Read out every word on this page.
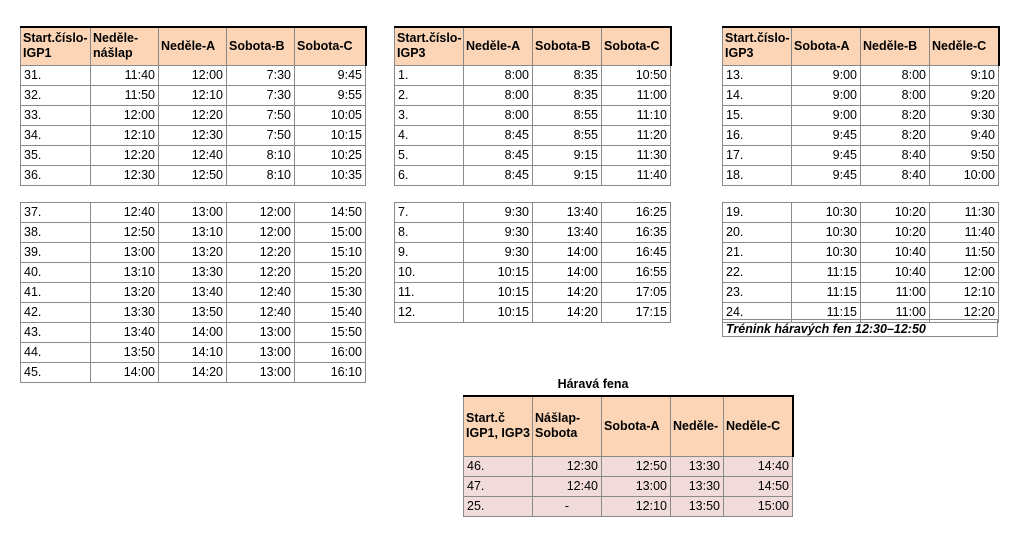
Start.číslo-IGP1	Neděle-nášlap	Neděle-A	Sobota-B	Sobota-C
31.	11:40	12:00	7:30	9:45
32.	11:50	12:10	7:30	9:55
33.	12:00	12:20	7:50	10:05
34.	12:10	12:30	7:50	10:15
35.	12:20	12:40	8:10	10:25
36.	12:30	12:50	8:10	10:35
37.	12:40	13:00	12:00	14:50
38.	12:50	13:10	12:00	15:00
39.	13:00	13:20	12:20	15:10
40.	13:10	13:30	12:20	15:20
41.	13:20	13:40	12:40	15:30
42.	13:30	13:50	12:40	15:40
43.	13:40	14:00	13:00	15:50
44.	13:50	14:10	13:00	16:00
45.	14:00	14:20	13:00	16:10
Start.číslo-IGP3	Neděle-A	Sobota-B	Sobota-C
1.	8:00	8:35	10:50
2.	8:00	8:35	11:00
3.	8:00	8:55	11:10
4.	8:45	8:55	11:20
5.	8:45	9:15	11:30
6.	8:45	9:15	11:40
7.	9:30	13:40	16:25
8.	9:30	13:40	16:35
9.	9:30	14:00	16:45
10.	10:15	14:00	16:55
11.	10:15	14:20	17:05
12.	10:15	14:20	17:15
Start.číslo-IGP3	Sobota-A	Neděle-B	Neděle-C
13.	9:00	8:00	9:10
14.	9:00	8:00	9:20
15.	9:00	8:20	9:30
16.	9:45	8:20	9:40
17.	9:45	8:40	9:50
18.	9:45	8:40	10:00
19.	10:30	10:20	11:30
20.	10:30	10:20	11:40
21.	10:30	10:40	11:50
22.	11:15	10:40	12:00
23.	11:15	11:00	12:10
24.	11:15	11:00	12:20
Trénink háravých fen 12:30–12:50
Háravá fena
Start.č IGP1, IGP3	Nášlap-Sobota	Sobota-A	Neděle-	Neděle-C
46.	12:30	12:50	13:30	14:40
47.	12:40	13:00	13:30	14:50
25.	-	12:10	13:50	15:00
